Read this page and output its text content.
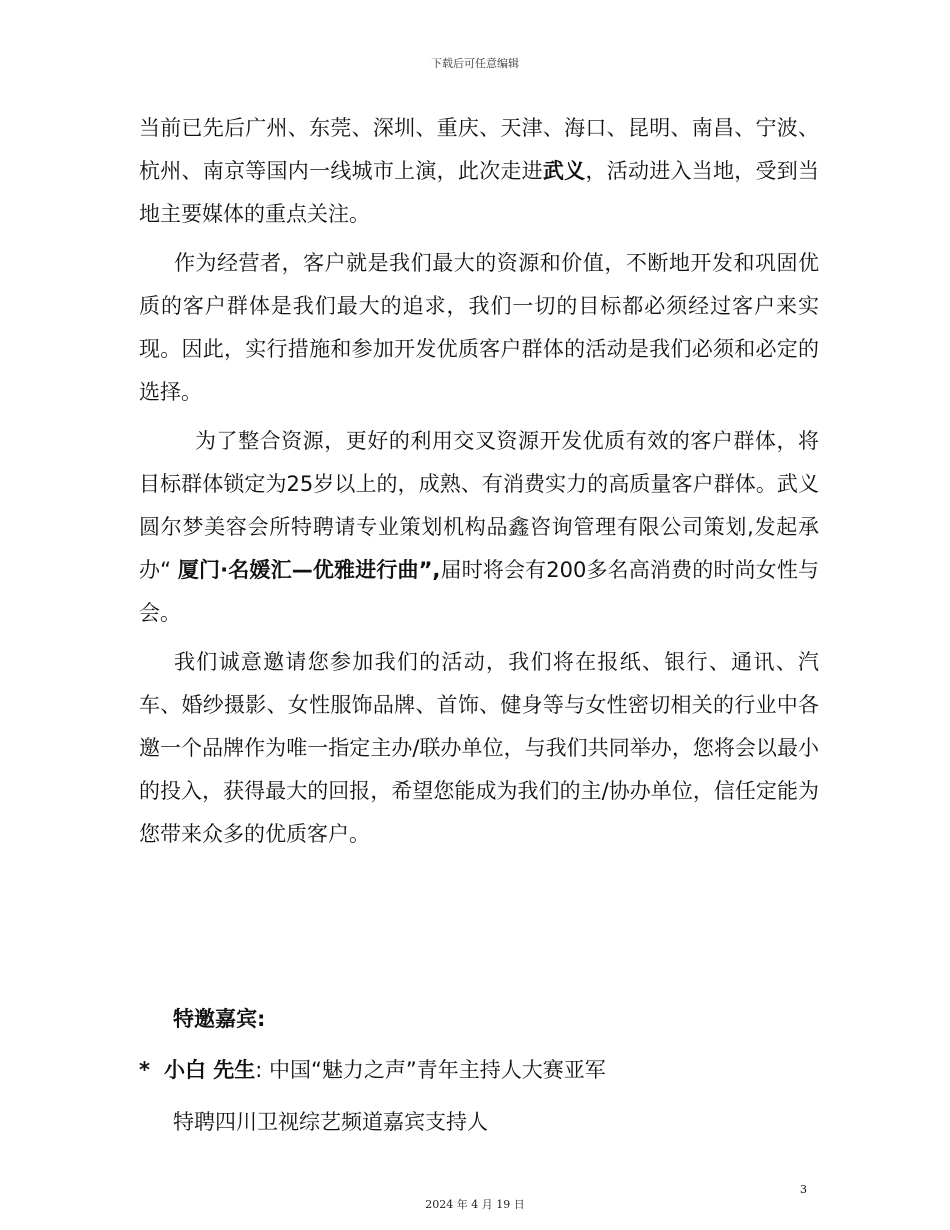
下载后可任意编辑

当前已先后广州、东莞、深圳、重庆、天津、海口、昆明、南昌、宁波、杭州、南京等国内一线城市上演，此次走进武义，活动进入当地，受到当地主要媒体的重点关注。

作为经营者，客户就是我们最大的资源和价值，不断地开发和巩固优质的客户群体是我们最大的追求，我们一切的目标都必须经过客户来实现。因此，实行措施和参加开发优质客户群体的活动是我们必须和必定的选择。

为了整合资源，更好的利用交叉资源开发优质有效的客户群体，将目标群体锁定为25岁以上的，成熟、有消费实力的高质量客户群体。武义圆尔梦美容会所特聘请专业策划机构品鑫咨询管理有限公司策划,发起承办“ 厦门·名媛汇—优雅进行曲”,届时将会有200多名高消费的时尚女性与会。

我们诚意邀请您参加我们的活动，我们将在报纸、银行、通讯、汽车、婚纱摄影、女性服饰品牌、首饰、健身等与女性密切相关的行业中各邀一个品牌作为唯一指定主办/联办单位，与我们共同举办，您将会以最小的投入，获得最大的回报，希望您能成为我们的主/协办单位，信任定能为您带来众多的优质客户。

特邀嘉宾:
* 小白 先生: 中国“魅力之声”青年主持人大赛亚军
特聘四川卫视综艺频道嘉宾支持人
3
2024 年 4 月 19 日
